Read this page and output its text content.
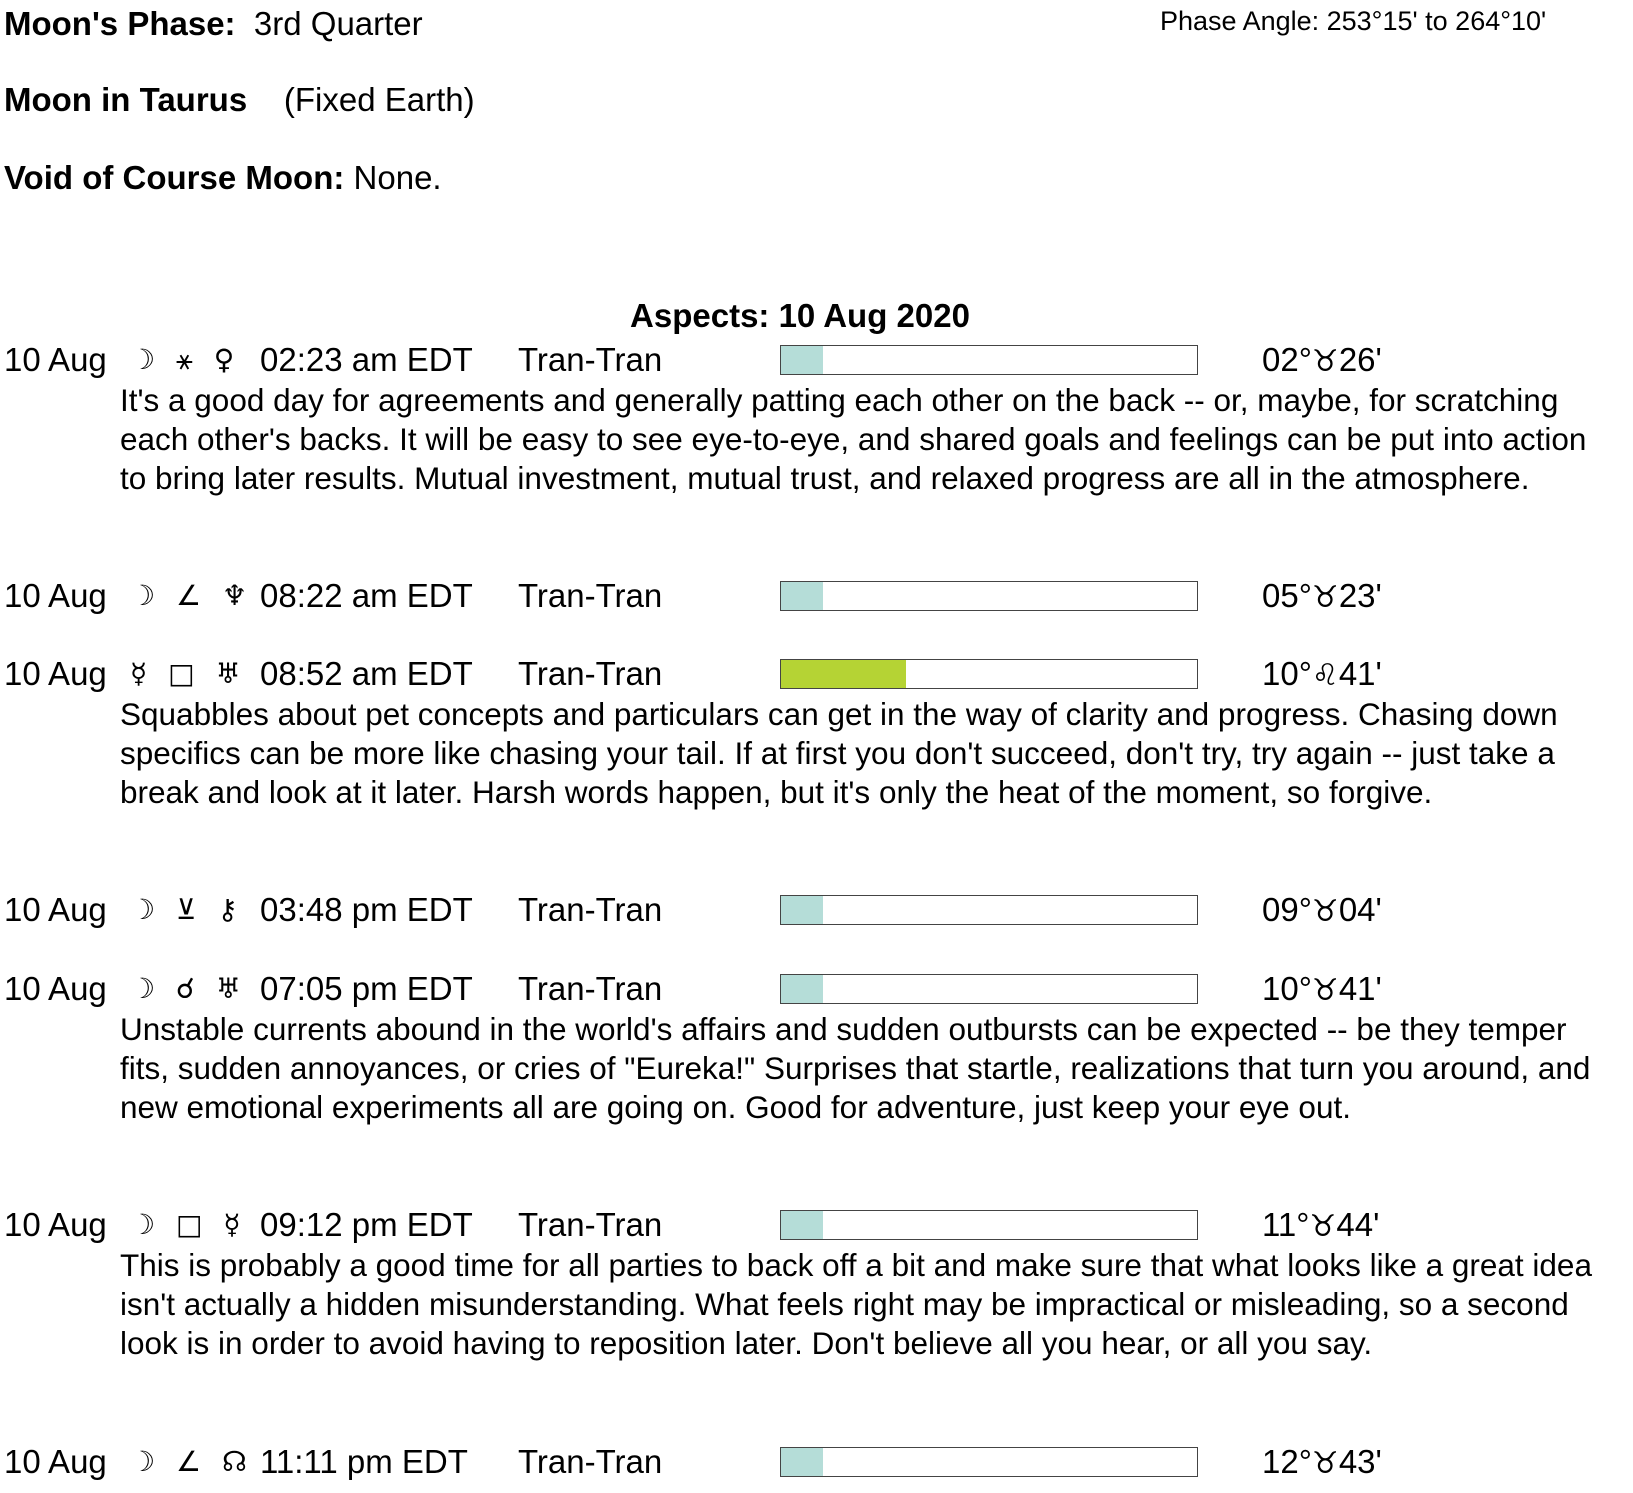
Moon's Phase: 3rd Quarter	Phase Angle: 253°15' to 264°10'
Moon in Taurus (Fixed Earth)
Void of Course Moon: None.
Aspects: 10 Aug 2020
10 Aug ☽ ⚹ ♀ 02:23 am EDT Tran-Tran	02°♉26'
It's a good day for agreements and generally patting each other on the back -- or, maybe, for scratching each other's backs. It will be easy to see eye-to-eye, and shared goals and feelings can be put into action to bring later results. Mutual investment, mutual trust, and relaxed progress are all in the atmosphere.
10 Aug ☽ ∠ ♆ 08:22 am EDT Tran-Tran	05°♉23'
10 Aug ☿ □ ♅ 08:52 am EDT Tran-Tran	10°♌41'
Squabbles about pet concepts and particulars can get in the way of clarity and progress. Chasing down specifics can be more like chasing your tail. If at first you don't succeed, don't try, try again -- just take a break and look at it later. Harsh words happen, but it's only the heat of the moment, so forgive.
10 Aug ☽ ⊻ ⚷ 03:48 pm EDT Tran-Tran	09°♉04'
10 Aug ☽ ☌ ♅ 07:05 pm EDT Tran-Tran	10°♉41'
Unstable currents abound in the world's affairs and sudden outbursts can be expected -- be they temper fits, sudden annoyances, or cries of "Eureka!" Surprises that startle, realizations that turn you around, and new emotional experiments all are going on. Good for adventure, just keep your eye out.
10 Aug ☽ □ ☿ 09:12 pm EDT Tran-Tran	11°♉44'
This is probably a good time for all parties to back off a bit and make sure that what looks like a great idea isn't actually a hidden misunderstanding. What feels right may be impractical or misleading, so a second look is in order to avoid having to reposition later. Don't believe all you hear, or all you say.
10 Aug ☽ ∠ ☊ 11:11 pm EDT Tran-Tran	12°♉43'
